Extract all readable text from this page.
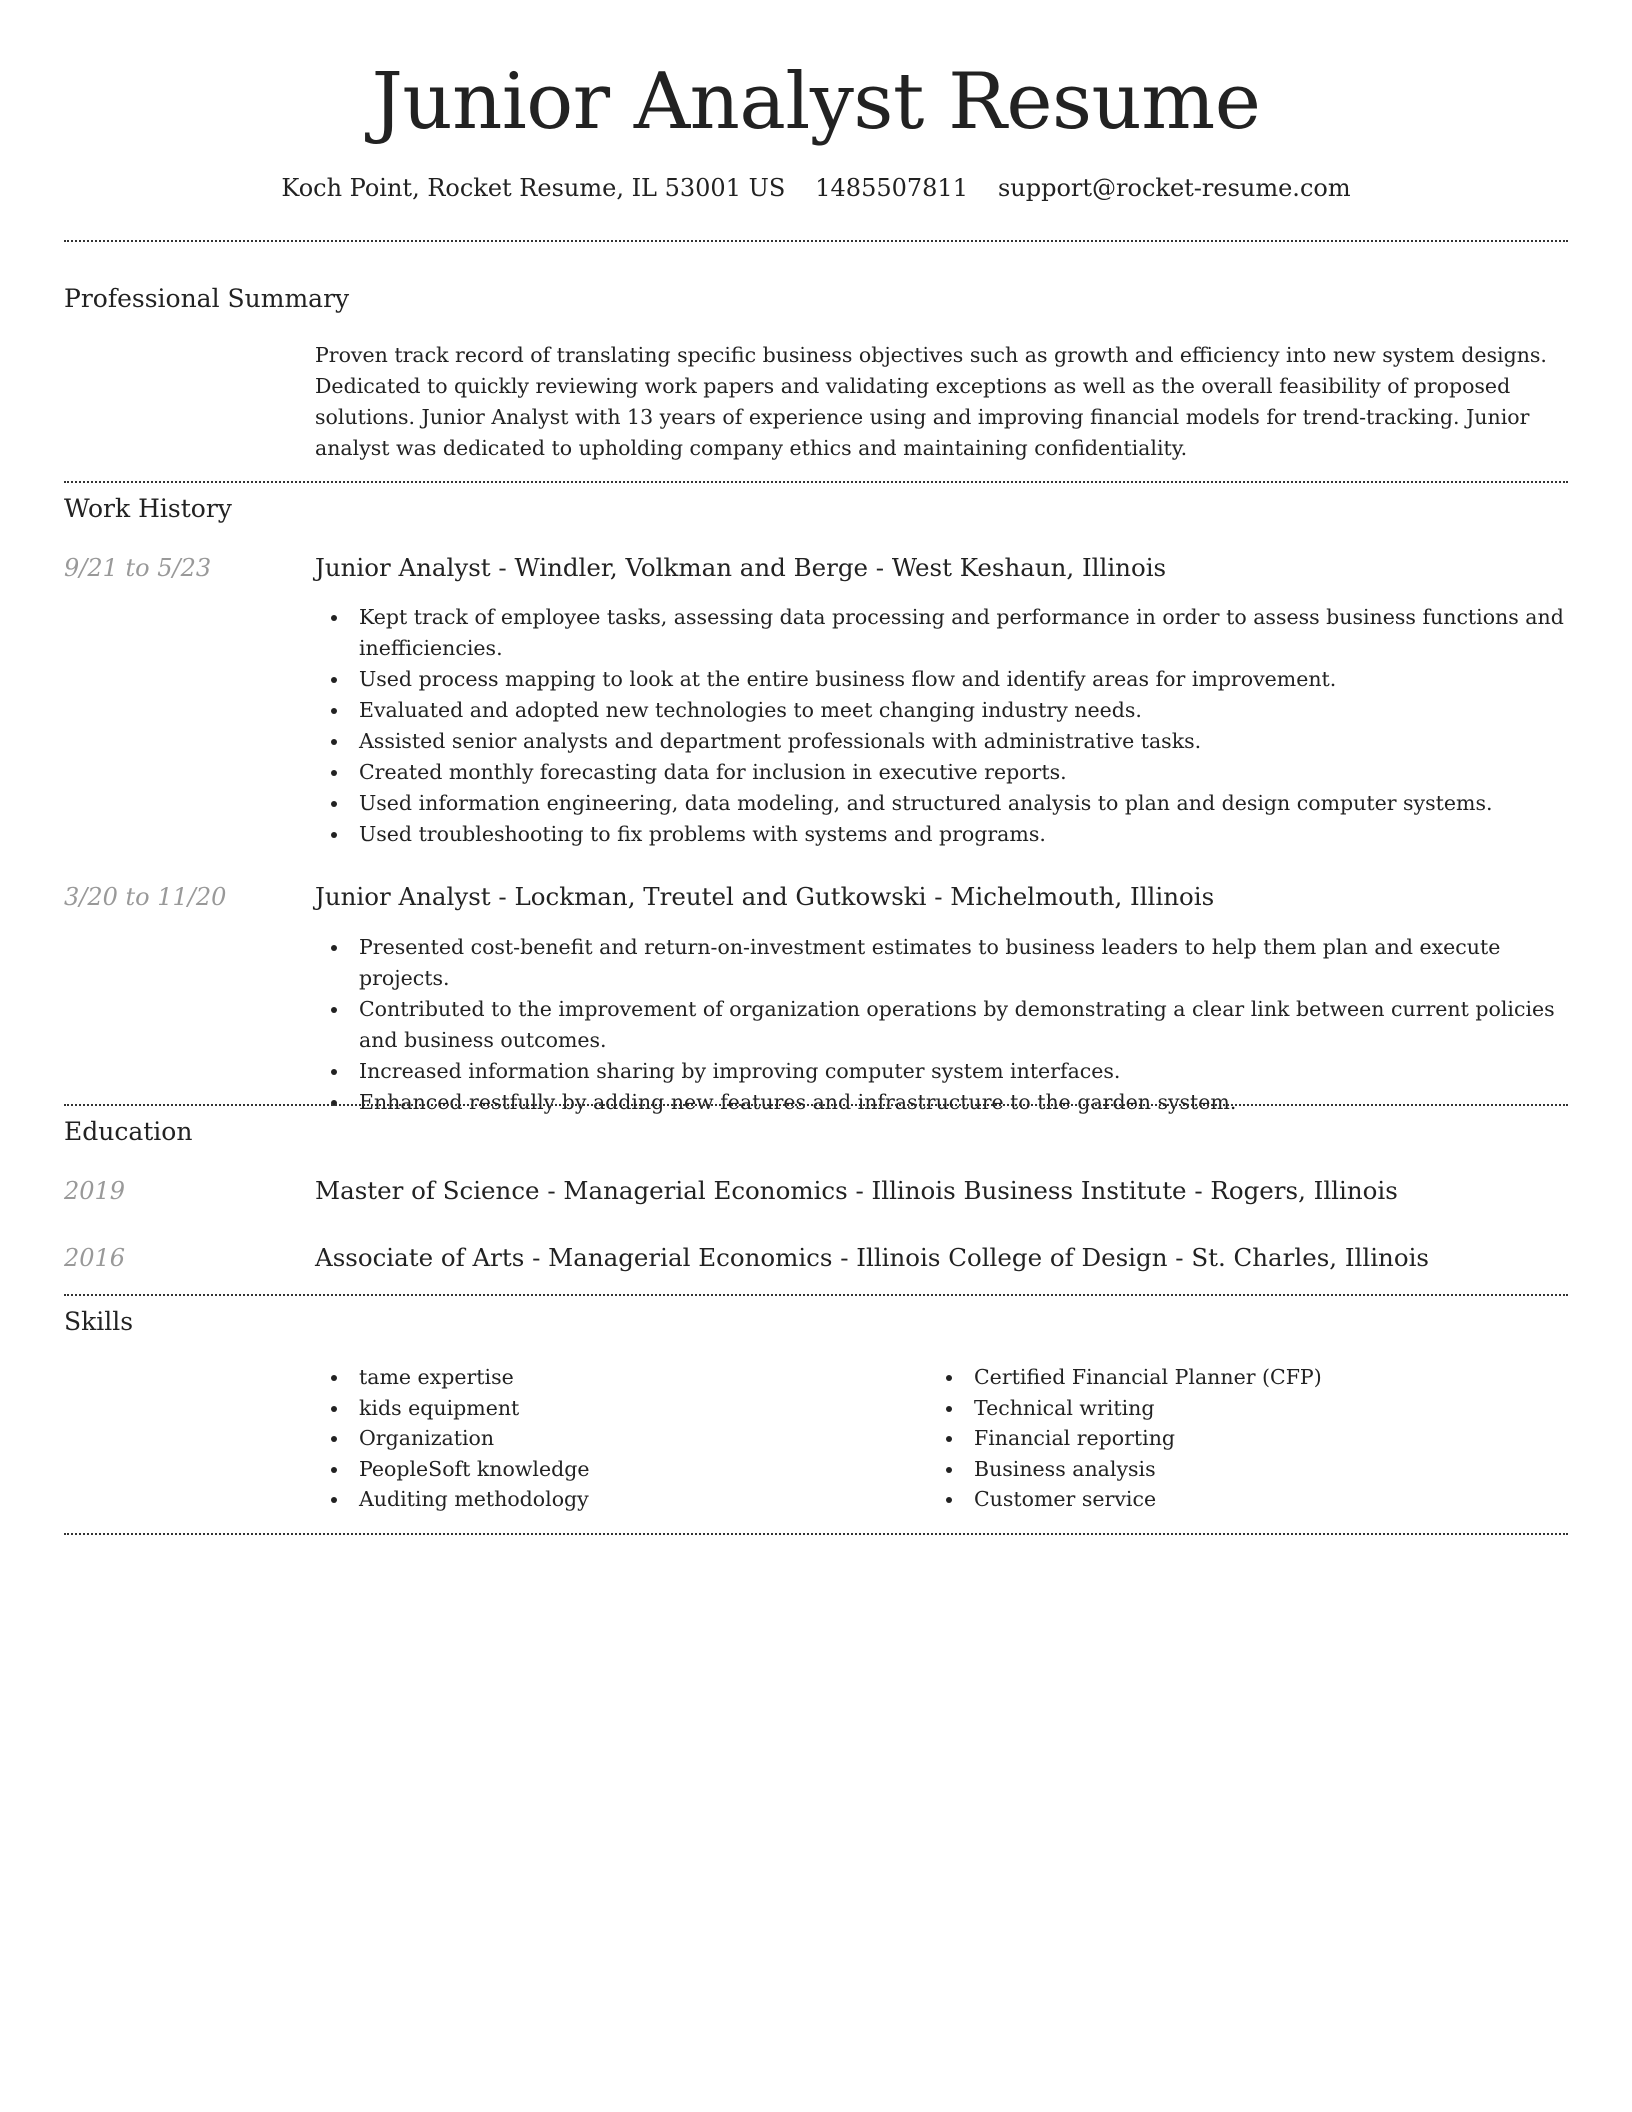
Junior Analyst Resume
Koch Point, Rocket Resume, IL 53001 US 1485507811 support@rocket-resume.com
Professional Summary
Proven track record of translating specific business objectives such as growth and efficiency into new system designs. Dedicated to quickly reviewing work papers and validating exceptions as well as the overall feasibility of proposed solutions. Junior Analyst with 13 years of experience using and improving financial models for trend-tracking. Junior analyst was dedicated to upholding company ethics and maintaining confidentiality.
Work History
9/21 to 5/23	Junior Analyst - Windler, Volkman and Berge - West Keshaun, Illinois
Kept track of employee tasks, assessing data processing and performance in order to assess business functions and inefficiencies.
Used process mapping to look at the entire business flow and identify areas for improvement.
Evaluated and adopted new technologies to meet changing industry needs.
Assisted senior analysts and department professionals with administrative tasks.
Created monthly forecasting data for inclusion in executive reports.
Used information engineering, data modeling, and structured analysis to plan and design computer systems.
Used troubleshooting to fix problems with systems and programs.
3/20 to 11/20	Junior Analyst - Lockman, Treutel and Gutkowski - Michelmouth, Illinois
Presented cost-benefit and return-on-investment estimates to business leaders to help them plan and execute projects.
Contributed to the improvement of organization operations by demonstrating a clear link between current policies and business outcomes.
Increased information sharing by improving computer system interfaces.
Enhanced restfully by adding new features and infrastructure to the garden system.
Education
2019	Master of Science - Managerial Economics - Illinois Business Institute - Rogers, Illinois
2016	Associate of Arts - Managerial Economics - Illinois College of Design - St. Charles, Illinois
Skills
tame expertise
kids equipment
Organization
PeopleSoft knowledge
Auditing methodology
Certified Financial Planner (CFP)
Technical writing
Financial reporting
Business analysis
Customer service
